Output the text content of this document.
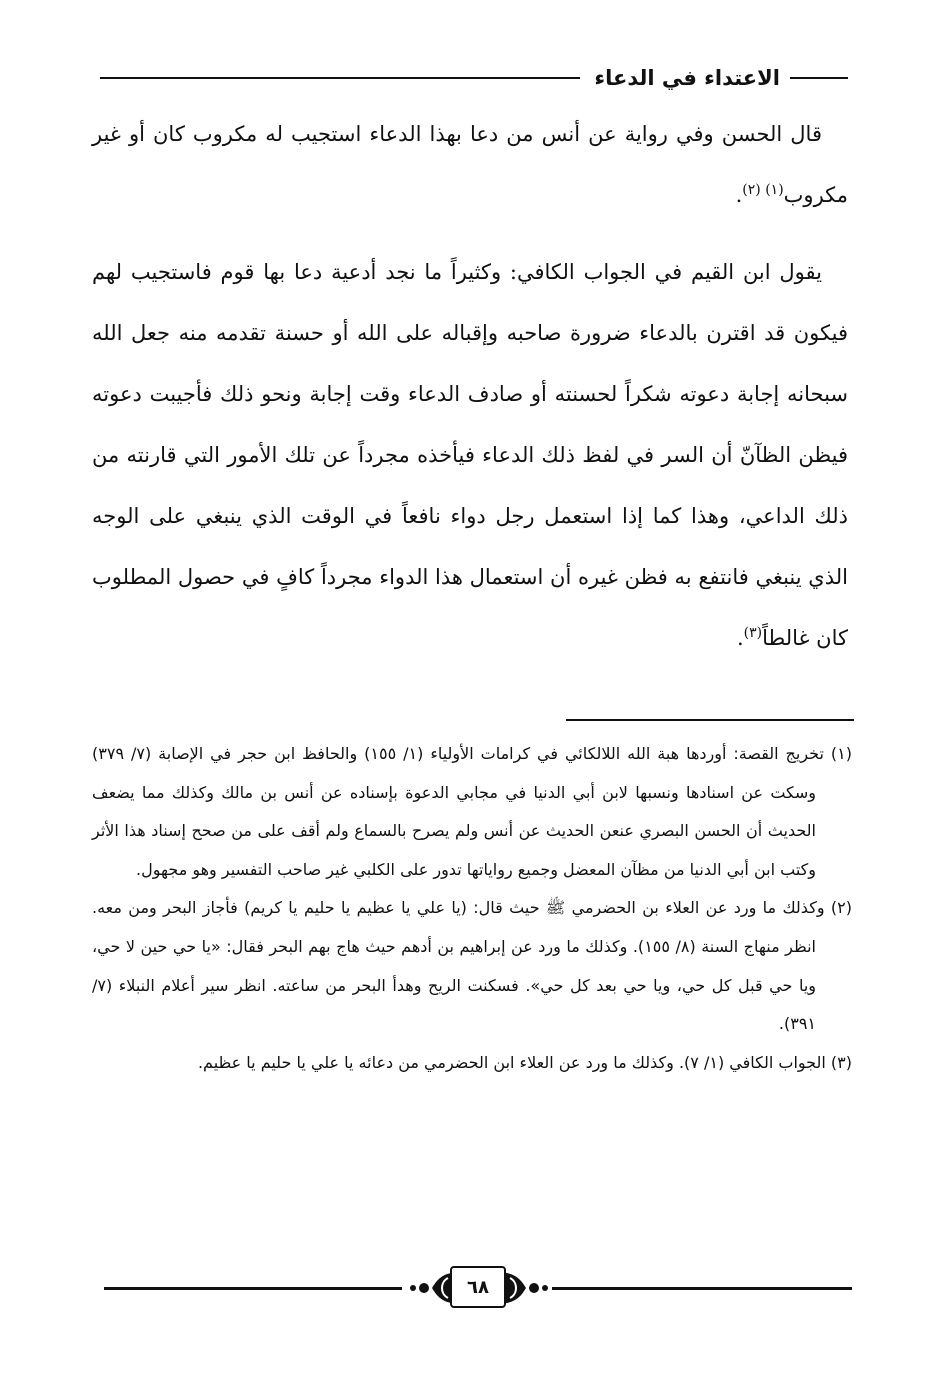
الاعتداء في الدعاء

قال الحسن وفي رواية عن أنس من دعا بهذا الدعاء استجيب له مكروب كان أو غير مكروب$^{(١) (٢)}$.

يقول ابن القيم في الجواب الكافي: وكثيراً ما نجد أدعية دعا بها قوم فاستجيب لهم فيكون قد اقترن بالدعاء ضرورة صاحبه وإقباله على الله أو حسنة تقدمه منه جعل الله سبحانه إجابة دعوته شكراً لحسنته أو صادف الدعاء وقت إجابة ونحو ذلك فأجيبت دعوته فيظن الظآنّ أن السر في لفظ ذلك الدعاء فيأخذه مجرداً عن تلك الأمور التي قارنته من ذلك الداعي، وهذا كما إذا استعمل رجل دواء نافعاً في الوقت الذي ينبغي على الوجه الذي ينبغي فانتفع به فظن غيره أن استعمال هذا الدواء مجرداً كافٍ في حصول المطلوب كان غالطاً$^{(٣)}$.

(١) تخريج القصة: أوردها هبة الله اللالكائي في كرامات الأولياء (١/ ١٥٥) والحافظ ابن حجر في الإصابة (٧/ ٣٧٩) وسكت عن اسنادها ونسبها لابن أبي الدنيا في مجابي الدعوة بإسناده عن أنس بن مالك وكذلك مما يضعف الحديث أن الحسن البصري عنعن الحديث عن أنس ولم يصرح بالسماع ولم أقف على من صحح إسناد هذا الأثر وكتب ابن أبي الدنيا من مظآن المعضل وجميع رواياتها تدور على الكلبي غير صاحب التفسير وهو مجهول.

(٢) وكذلك ما ورد عن العلاء بن الحضرمي ﷺ حيث قال: (يا علي يا عظيم يا حليم يا كريم) فأجاز البحر ومن معه. انظر منهاج السنة (٨/ ١٥٥). وكذلك ما ورد عن إبراهيم بن أدهم حيث هاج بهم البحر فقال: «يا حي حين لا حي، ويا حي قبل كل حي، ويا حي بعد كل حي». فسكنت الريح وهدأ البحر من ساعته. انظر سير أعلام النبلاء (٧/ ٣٩١).

(٣) الجواب الكافي (١/ ٧). وكذلك ما ورد عن العلاء ابن الحضرمي من دعائه يا علي يا حليم يا عظيم.

٦٨
